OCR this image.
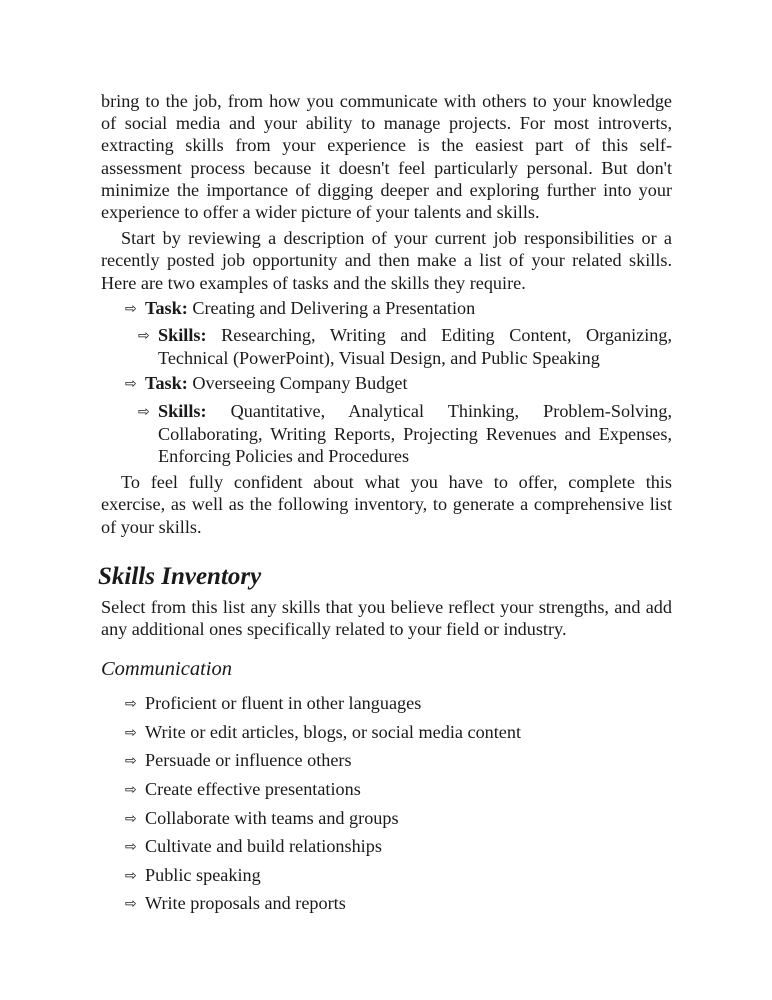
bring to the job, from how you communicate with others to your knowledge of social media and your ability to manage projects. For most introverts, extracting skills from your experience is the easiest part of this self-assessment process because it doesn't feel particularly personal. But don't minimize the importance of digging deeper and exploring further into your experience to offer a wider picture of your talents and skills.

Start by reviewing a description of your current job responsibilities or a recently posted job opportunity and then make a list of your related skills. Here are two examples of tasks and the skills they require.

⇨ Task: Creating and Delivering a Presentation
⇨ Skills: Researching, Writing and Editing Content, Organizing, Technical (PowerPoint), Visual Design, and Public Speaking
⇨ Task: Overseeing Company Budget
⇨ Skills: Quantitative, Analytical Thinking, Problem-Solving, Collaborating, Writing Reports, Projecting Revenues and Expenses, Enforcing Policies and Procedures

To feel fully confident about what you have to offer, complete this exercise, as well as the following inventory, to generate a comprehensive list of your skills.

Skills Inventory

Select from this list any skills that you believe reflect your strengths, and add any additional ones specifically related to your field or industry.

Communication
⇨ Proficient or fluent in other languages
⇨ Write or edit articles, blogs, or social media content
⇨ Persuade or influence others
⇨ Create effective presentations
⇨ Collaborate with teams and groups
⇨ Cultivate and build relationships
⇨ Public speaking
⇨ Write proposals and reports
